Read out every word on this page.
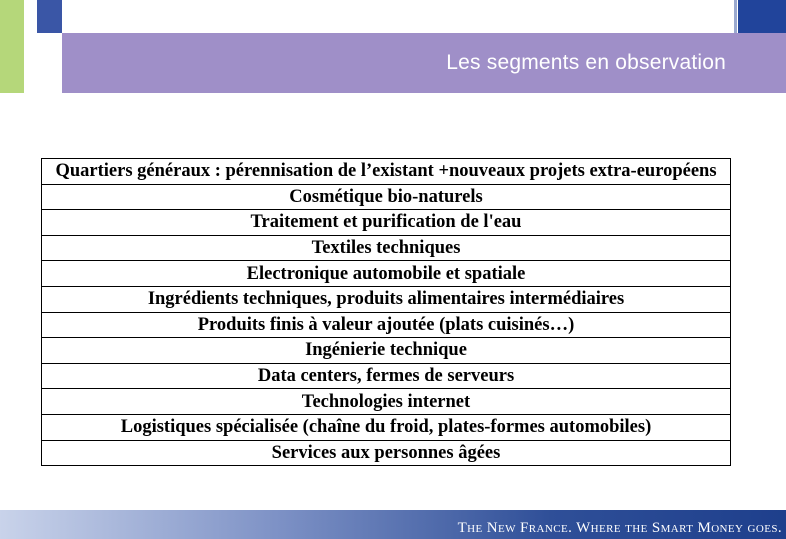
Les segments en observation
Quartiers généraux : pérennisation de l’existant +nouveaux projets extra-européens
Cosmétique bio-naturels
Traitement et purification de l'eau
Textiles techniques
Electronique automobile et spatiale
Ingrédients techniques, produits alimentaires intermédiaires
Produits finis à valeur ajoutée (plats cuisinés…)
Ingénierie technique
Data centers, fermes de serveurs
Technologies internet
Logistiques spécialisée (chaîne du froid, plates-formes automobiles)
Services aux personnes âgées
The New France. Where the Smart Money goes.
